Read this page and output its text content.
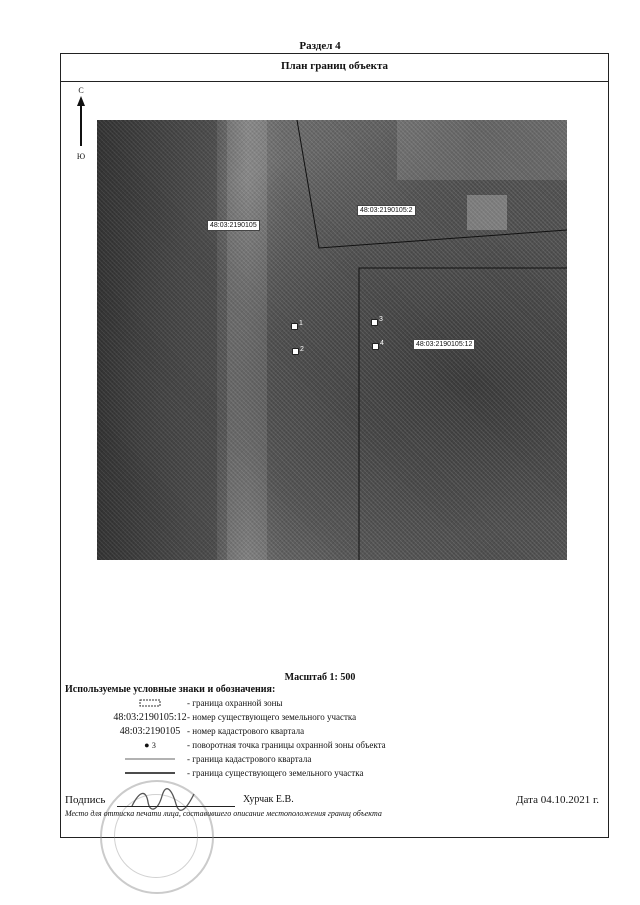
Раздел 4
План границ объекта
С
Ю
48:03:2190105
48:03:2190105:2
48:03:2190105:12
1
2
3
4
Масштаб 1: 500
Используемые условные знаки и обозначения:
- граница охранной зоны
48:03:2190105:12 - номер существующего земельного участка
48:03:2190105 - номер кадастрового квартала
● 3	- поворотная точка границы охранной зоны объекта
- граница кадастрового квартала
- граница существующего земельного участка
Подпись	Хурчак Е.В.	Дата 04.10.2021 г.
Место для оттиска печати лица, составившего описание местоположения границ объекта
